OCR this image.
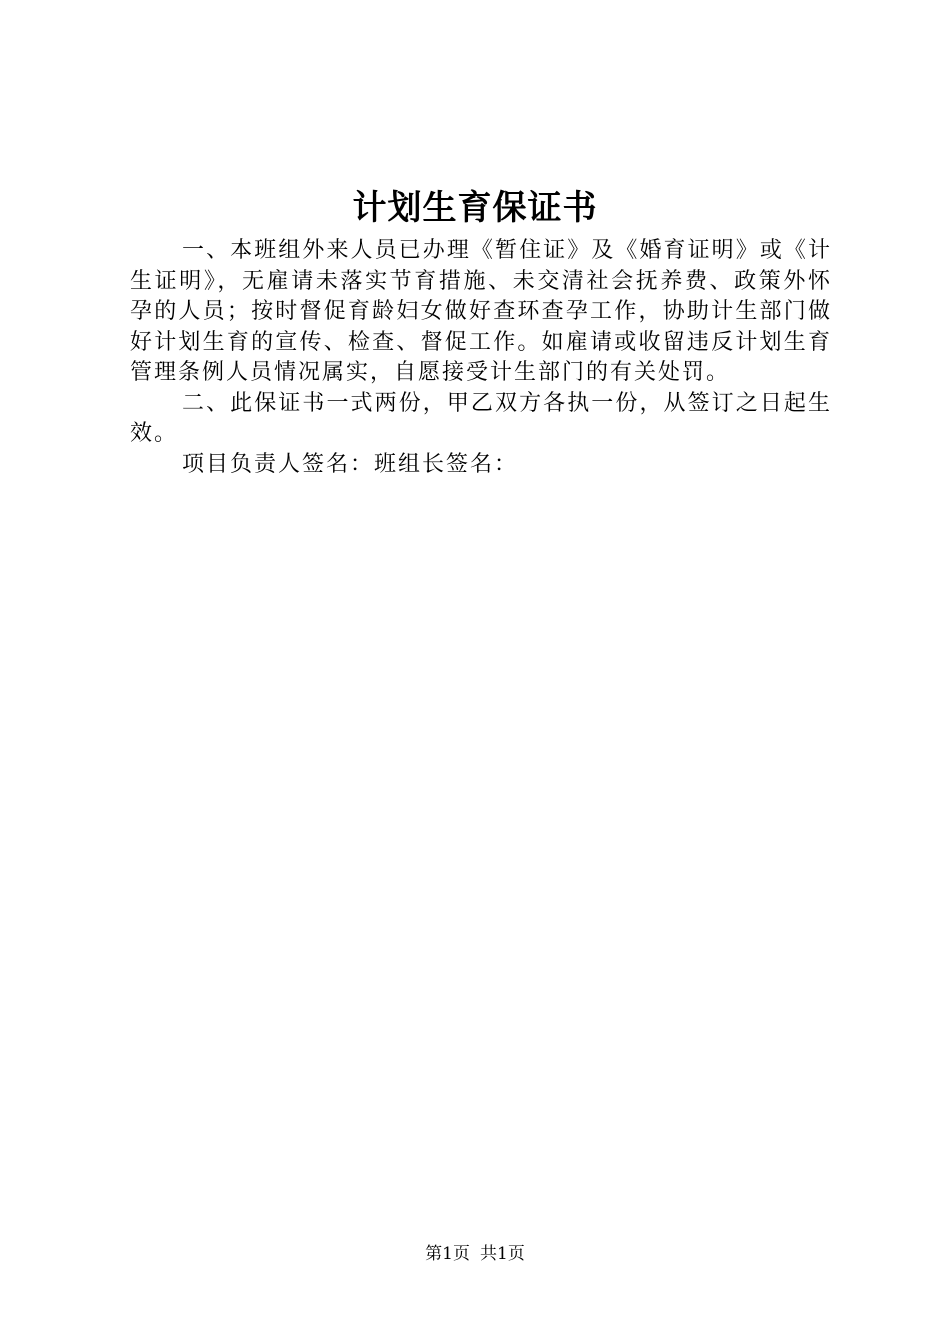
计划生育保证书

一、本班组外来人员已办理《暂住证》及《婚育证明》或《计生证明》，无雇请未落实节育措施、未交清社会抚养费、政策外怀孕的人员；按时督促育龄妇女做好查环查孕工作，协助计生部门做好计划生育的宣传、检查、督促工作。如雇请或收留违反计划生育管理条例人员情况属实，自愿接受计生部门的有关处罚。

二、此保证书一式两份，甲乙双方各执一份，从签订之日起生效。

项目负责人签名：班组长签名：

第1页 共1页
